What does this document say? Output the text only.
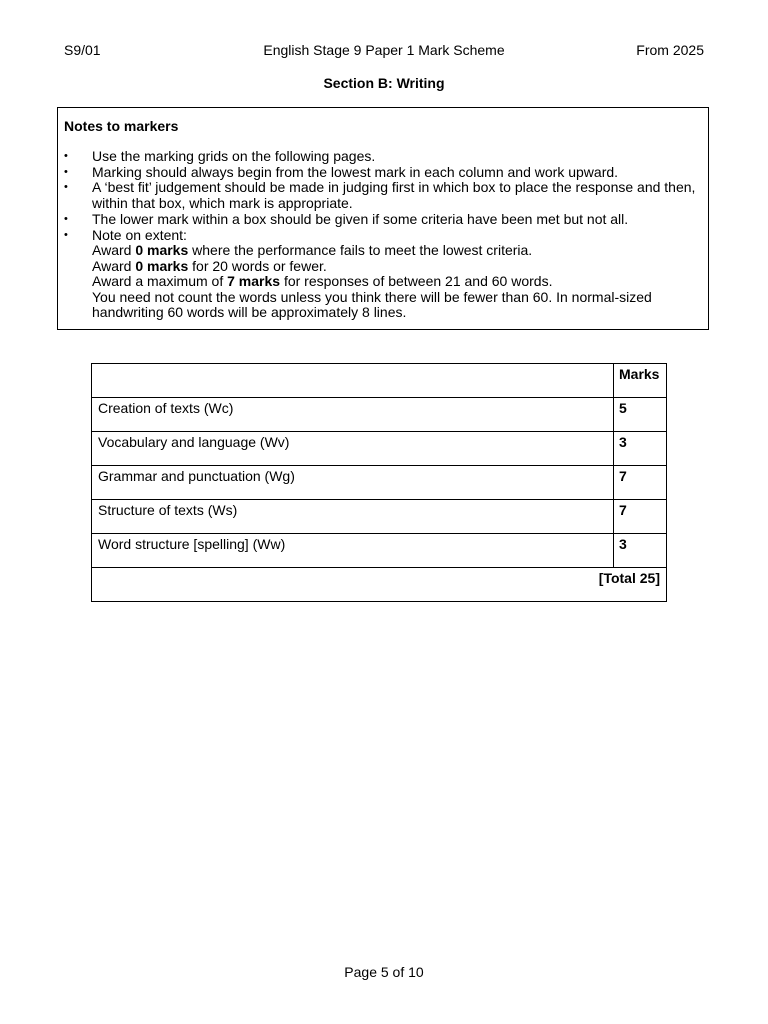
S9/01	English Stage 9 Paper 1 Mark Scheme	From 2025
Section B: Writing
Notes to markers
• Use the marking grids on the following pages.
• Marking should always begin from the lowest mark in each column and work upward.
• A ‘best fit’ judgement should be made in judging first in which box to place the response and then,
within that box, which mark is appropriate.
• The lower mark within a box should be given if some criteria have been met but not all.
• Note on extent:
Award 0 marks where the performance fails to meet the lowest criteria.
Award 0 marks for 20 words or fewer.
Award a maximum of 7 marks for responses of between 21 and 60 words.
You need not count the words unless you think there will be fewer than 60. In normal-sized
handwriting 60 words will be approximately 8 lines.
	Marks
Creation of texts (Wc)	5
Vocabulary and language (Wv)	3
Grammar and punctuation (Wg)	7
Structure of texts (Ws)	7
Word structure [spelling] (Ww)	3
[Total 25]	
Page 5 of 10
